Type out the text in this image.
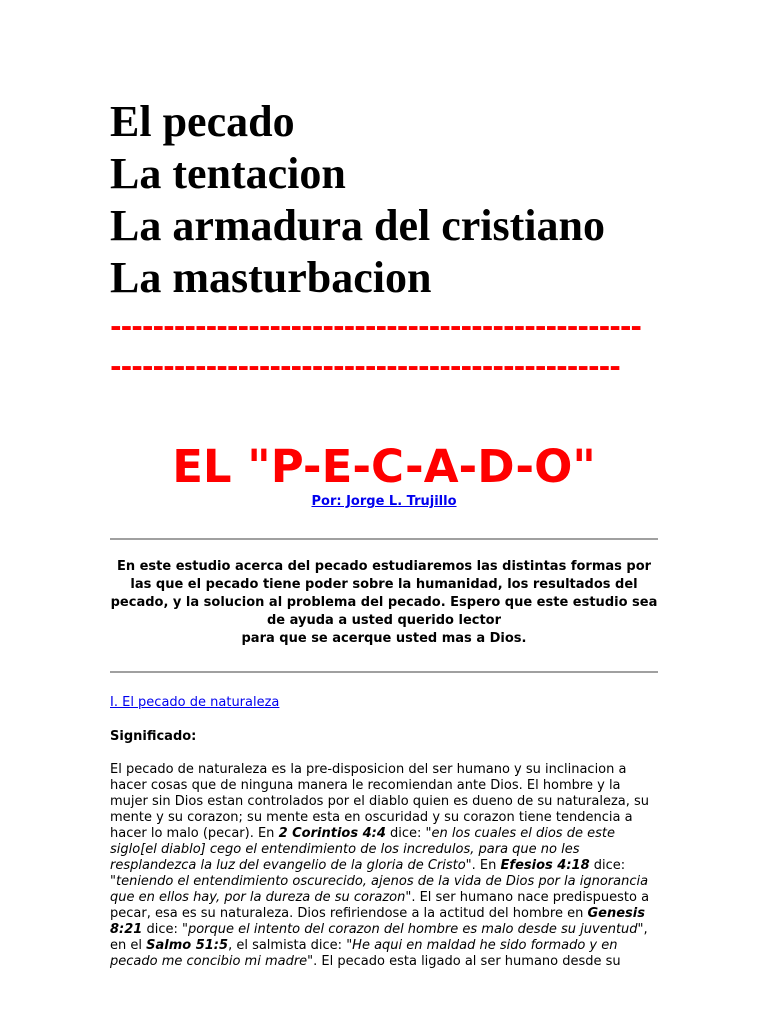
El pecado
La tentacion
La armadura del cristiano
La masturbacion
--------------------------------------------------
------------------------------------------------
EL "P-E-C-A-D-O"
Por: Jorge L. Trujillo
En este estudio acerca del pecado estudiaremos las distintas formas por
las que el pecado tiene poder sobre la humanidad, los resultados del
pecado, y la solucion al problema del pecado. Espero que este estudio sea
de ayuda a usted querido lector
para que se acerque usted mas a Dios.
I. El pecado de naturaleza
Significado:
El pecado de naturaleza es la pre-disposicion del ser humano y su inclinacion a hacer cosas que de ninguna manera le recomiendan ante Dios. El hombre y la mujer sin Dios estan controlados por el diablo quien es dueno de su naturaleza, su mente y su corazon; su mente esta en oscuridad y su corazon tiene tendencia a hacer lo malo (pecar). En 2 Corintios 4:4 dice: "en los cuales el dios de este siglo[el diablo] cego el entendimiento de los incredulos, para que no les resplandezca la luz del evangelio de la gloria de Cristo". En Efesios 4:18 dice: "teniendo el entendimiento oscurecido, ajenos de la vida de Dios por la ignorancia que en ellos hay, por la dureza de su corazon". El ser humano nace predispuesto a pecar, esa es su naturaleza. Dios refiriendose a la actitud del hombre en Genesis 8:21 dice: "porque el intento del corazon del hombre es malo desde su juventud", en el Salmo 51:5, el salmista dice: "He aqui en maldad he sido formado y en pecado me concibio mi madre". El pecado esta ligado al ser humano desde su
